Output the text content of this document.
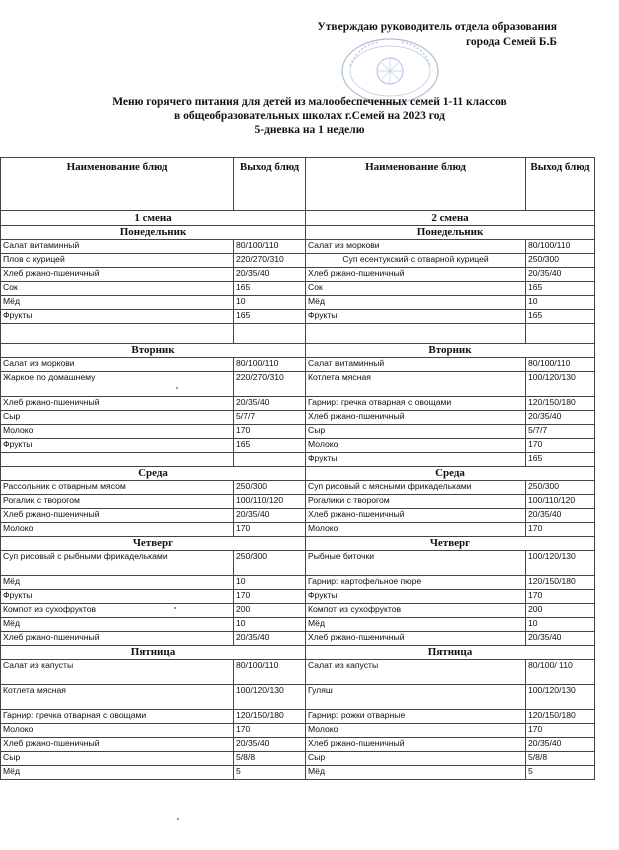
Утверждаю руководитель отдела образования
города Семей Б.Б
Меню горячего питания для детей из малообеспеченных семей 1-11 классов
в общеобразовательных школах г.Семей на 2023 год
5-дневка на 1 неделю
Наименование блюд	Выход блюд	Наименование блюд	Выход блюд
1 смена		2 смена	
Понедельник		Понедельник	
Салат витаминный	80/100/110	Салат из моркови	80/100/110
Плов с курицей	220/270/310	Суп есентукский с отварной курицей	250/300
Хлеб ржано-пшеничный	20/35/40	Хлеб ржано-пшеничный	20/35/40
Сок	165	Сок	165
Мёд	10	Мёд	10
Фрукты	165	Фрукты	165

Вторник		Вторник	
Салат из моркови	80/100/110	Салат витаминный	80/100/110
Жаркое по домашнему	220/270/310	Котлета мясная	100/120/130
Хлеб ржано-пшеничный	20/35/40	Гарнир: гречка отварная с овощами	120/150/180
Сыр	5/7/7	Хлеб ржано-пшеничный	20/35/40
Молоко	170	Сыр	5/7/7
Фрукты	165	Молоко	170
		Фрукты	165
Среда		Среда	
Рассольник с отварным мясом	250/300	Суп рисовый с мясными фрикадельками	250/300
Рогалик с творогом	100/110/120	Рогалики с творогом	100/110/120
Хлеб ржано-пшеничный	20/35/40	Хлеб ржано-пшеничный	20/35/40
Молоко	170	Молоко	170
Четверг		Четверг	
Суп рисовый с рыбными фрикадельками	250/300	Рыбные биточки	100/120/130
Мёд	10	Гарнир: картофельное пюре	120/150/180
Фрукты	170	Фрукты	170
Компот из сухофруктов	200	Компот из сухофруктов	200
Мёд	10	Мёд	10
Хлеб ржано-пшеничный	20/35/40	Хлеб ржано-пшеничный	20/35/40
Пятница		Пятница	
Салат из капусты	80/100/110	Салат из капусты	80/100/ 110
Котлета мясная	100/120/130	Гуляш	100/120/130
Гарнир: гречка отварная с овощами	120/150/180	Гарнир: рожки отварные	120/150/180
Молоко	170	Молоко	170
Хлеб ржано-пшеничный	20/35/40	Хлеб ржано-пшеничный	20/35/40
Сыр	5/8/8	Сыр	5/8/8
Мёд	5	Мёд	5
